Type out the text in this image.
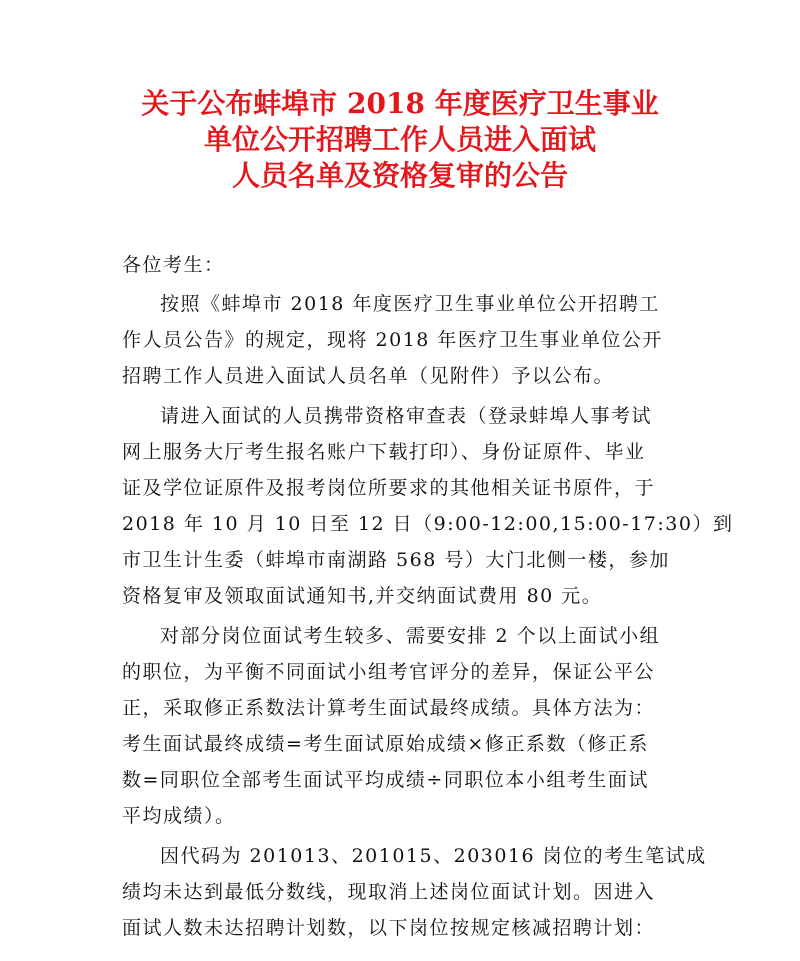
关于公布蚌埠市 2018 年度医疗卫生事业
单位公开招聘工作人员进入面试
人员名单及资格复审的公告
各位考生：
按照《蚌埠市 2018 年度医疗卫生事业单位公开招聘工
作人员公告》的规定，现将 2018 年医疗卫生事业单位公开
招聘工作人员进入面试人员名单（见附件）予以公布。
请进入面试的人员携带资格审查表（登录蚌埠人事考试
网上服务大厅考生报名账户下载打印）、身份证原件、毕业
证及学位证原件及报考岗位所要求的其他相关证书原件，于
2018 年 10 月 10 日至 12 日（9:00-12:00,15:00-17:30）到
市卫生计生委（蚌埠市南湖路 568 号）大门北侧一楼，参加
资格复审及领取面试通知书,并交纳面试费用 80 元。
对部分岗位面试考生较多、需要安排 2 个以上面试小组
的职位，为平衡不同面试小组考官评分的差异，保证公平公
正，采取修正系数法计算考生面试最终成绩。具体方法为：
考生面试最终成绩=考生面试原始成绩×修正系数（修正系
数=同职位全部考生面试平均成绩÷同职位本小组考生面试
平均成绩）。
因代码为 201013、201015、203016 岗位的考生笔试成
绩均未达到最低分数线，现取消上述岗位面试计划。因进入
面试人数未达招聘计划数，以下岗位按规定核减招聘计划：
